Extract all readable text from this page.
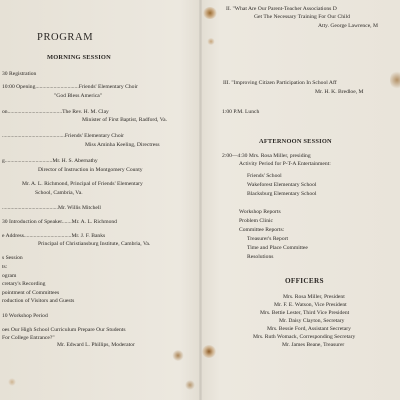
PROGRAM
MORNING SESSION
30 Registration
10:00 Opening...............................Friends' Elementary Choir
"God Bless America"
on.......................................The Rev. H. M. Clay
Minister of First Baptist, Radford, Va.
.............................................Friends' Elementary Choir
Miss Aminha Keeling, Directress
g..................................Mr. H. S. Abernathy
Director of Instruction in Montgomery County
Mr. A. L. Richmond, Principal of Friends' Elementary
School, Cambria, Va.
........................................Mr. Willis Mitchell
30 Introduction of Speaker.......Mr. A. L. Richmond
e Address..................................Mr. J. F. Banks
Principal of Christiansburg Institute, Cambria, Va.
s Session
ts:
ogram
cretary's Recording
pointment of Committees
roduction of Visitors and Guests
10 Workshop Period
oes Our High School Curriculum Prepare Our Students
For College Entrance?"
Mr. Edward L. Phillips, Moderator
II. "What Are Our Parent-Teacher Associations D
Get The Necessary Training For Our Child
Atty. George Lawrence, M
III. "Improving Citizen Participation In School Aff
Mr. H. K. Bredloe, M
1:00 P.M. Lunch
AFTERNOON SESSION
2:00—4:30 Mrs. Rosa Miller, presiding
Activity Period for P-T-A Entertainment:
Friends' School
Wakeforest Elementary School
Blacksburg Elementary School
Workshop Reports
Problem Clinic
Committee Reports:
Treasurer's Report
Time and Place Committee
Resolutions
OFFICERS
Mrs. Rosa Miller, President
Mr. F. E. Watson, Vice President
Mrs. Bettie Lester, Third Vice President
Mr. Daisy Clayton, Secretary
Mrs. Bessie Ford, Assistant Secretary
Mrs. Ruth Womack, Corresponding Secretary
Mr. James Beane, Treasurer
